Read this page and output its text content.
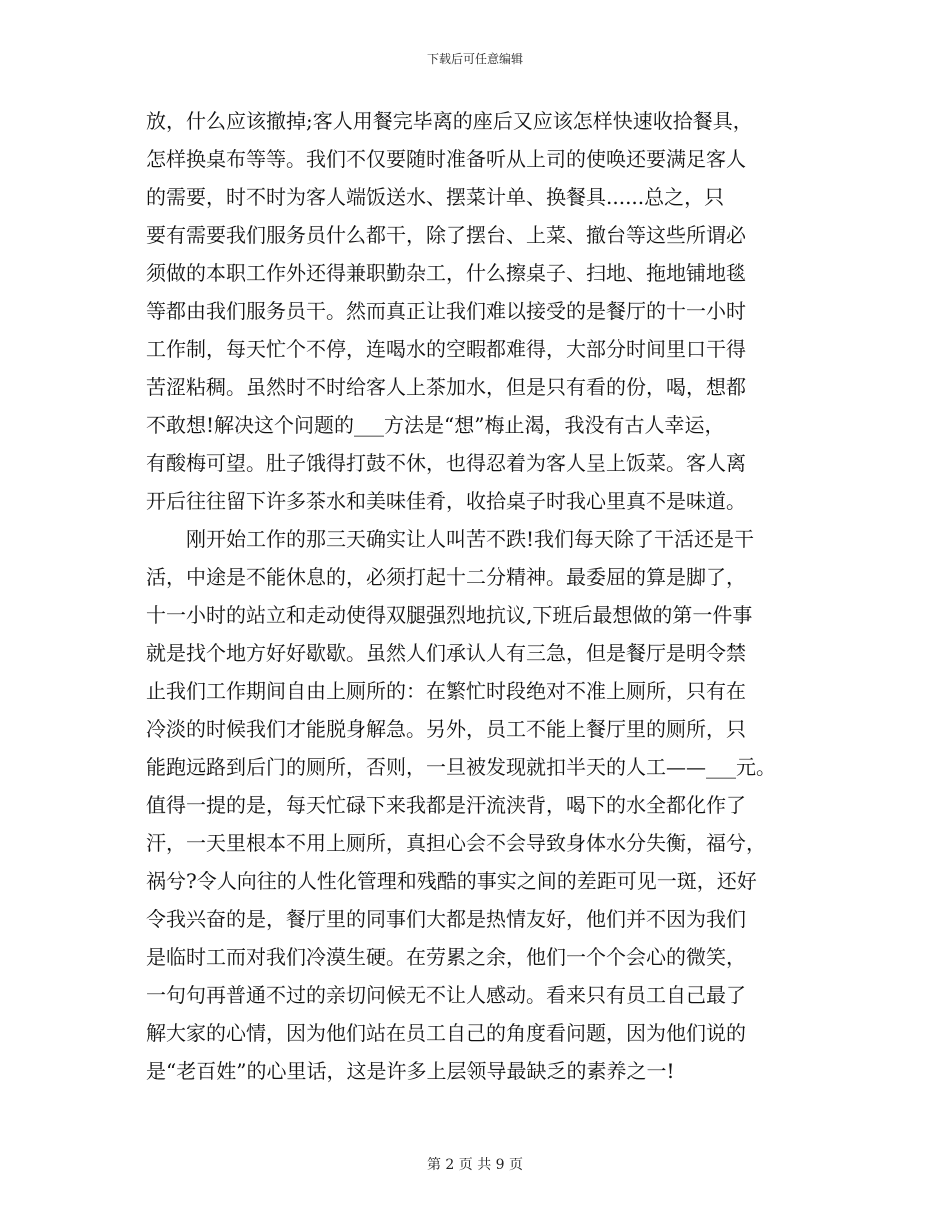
下载后可任意编辑
放，什么应该撤掉;客人用餐完毕离的座后又应该怎样快速收拾餐具，
怎样换桌布等等。我们不仅要随时准备听从上司的使唤还要满足客人
的需要，时不时为客人端饭送水、摆菜计单、换餐具......总之，只
要有需要我们服务员什么都干，除了摆台、上菜、撤台等这些所谓必
须做的本职工作外还得兼职勤杂工，什么擦桌子、扫地、拖地铺地毯
等都由我们服务员干。然而真正让我们难以接受的是餐厅的十一小时
工作制，每天忙个不停，连喝水的空暇都难得，大部分时间里口干得
苦涩粘稠。虽然时不时给客人上茶加水，但是只有看的份，喝，想都
不敢想!解决这个问题的___方法是“想”梅止渴，我没有古人幸运，
有酸梅可望。肚子饿得打鼓不休，也得忍着为客人呈上饭菜。客人离
开后往往留下许多茶水和美味佳肴，收拾桌子时我心里真不是味道。
　　刚开始工作的那三天确实让人叫苦不跌!我们每天除了干活还是干
活，中途是不能休息的，必须打起十二分精神。最委屈的算是脚了，
十一小时的站立和走动使得双腿强烈地抗议,下班后最想做的第一件事
就是找个地方好好歇歇。虽然人们承认人有三急，但是餐厅是明令禁
止我们工作期间自由上厕所的：在繁忙时段绝对不准上厕所，只有在
冷淡的时候我们才能脱身解急。另外，员工不能上餐厅里的厕所，只
能跑远路到后门的厕所，否则，一旦被发现就扣半天的人工——___元。
值得一提的是，每天忙碌下来我都是汗流浃背，喝下的水全都化作了
汗，一天里根本不用上厕所，真担心会不会导致身体水分失衡，福兮，
祸兮?令人向往的人性化管理和残酷的事实之间的差距可见一斑，还好
令我兴奋的是，餐厅里的同事们大都是热情友好，他们并不因为我们
是临时工而对我们冷漠生硬。在劳累之余，他们一个个会心的微笑，
一句句再普通不过的亲切问候无不让人感动。看来只有员工自己最了
解大家的心情，因为他们站在员工自己的角度看问题，因为他们说的
是“老百姓”的心里话，这是许多上层领导最缺乏的素养之一!
第 2 页 共 9 页
